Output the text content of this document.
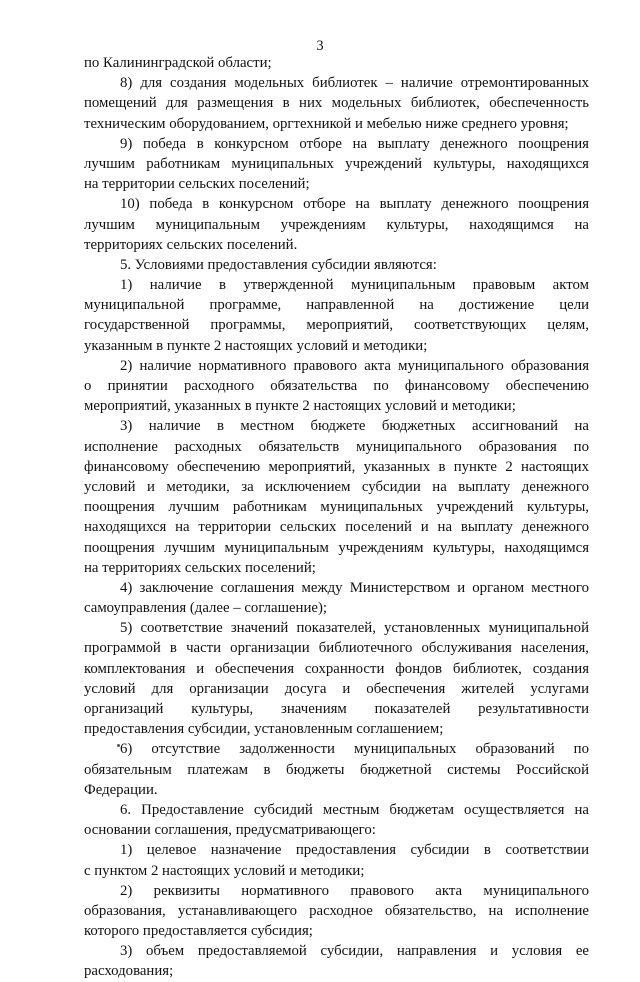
3
по Калининградской области;
8) для создания модельных библиотек – наличие отремонтированных
помещений для размещения в них модельных библиотек, обеспеченность
техническим оборудованием, оргтехникой и мебелью ниже среднего уровня;
9) победа в конкурсном отборе на выплату денежного поощрения
лучшим работникам муниципальных учреждений культуры, находящихся
на территории сельских поселений;
10) победа в конкурсном отборе на выплату денежного поощрения
лучшим муниципальным учреждениям культуры, находящимся на
территориях сельских поселений.
5. Условиями предоставления субсидии являются:
1) наличие в утвержденной муниципальным правовым актом
муниципальной программе, направленной на достижение цели
государственной программы, мероприятий, соответствующих целям,
указанным в пункте 2 настоящих условий и методики;
2) наличие нормативного правового акта муниципального образования
о принятии расходного обязательства по финансовому обеспечению
мероприятий, указанных в пункте 2 настоящих условий и методики;
3) наличие в местном бюджете бюджетных ассигнований на
исполнение расходных обязательств муниципального образования по
финансовому обеспечению мероприятий, указанных в пункте 2 настоящих
условий и методики, за исключением субсидии на выплату денежного
поощрения лучшим работникам муниципальных учреждений культуры,
находящихся на территории сельских поселений и на выплату денежного
поощрения лучшим муниципальным учреждениям культуры, находящимся
на территориях сельских поселений;
4) заключение соглашения между Министерством и органом местного
самоуправления (далее – соглашение);
5) соответствие значений показателей, установленных муниципальной
программой в части организации библиотечного обслуживания населения,
комплектования и обеспечения сохранности фондов библиотек, создания
условий для организации досуга и обеспечения жителей услугами
организаций культуры, значениям показателей результативности
предоставления субсидии, установленным соглашением;
6) отсутствие задолженности муниципальных образований по
обязательным платежам в бюджеты бюджетной системы Российской
Федерации.
6. Предоставление субсидий местным бюджетам осуществляется на
основании соглашения, предусматривающего:
1) целевое назначение предоставления субсидии в соответствии
с пунктом 2 настоящих условий и методики;
2) реквизиты нормативного правового акта муниципального
образования, устанавливающего расходное обязательство, на исполнение
которого предоставляется субсидия;
3) объем предоставляемой субсидии, направления и условия ее
расходования;
